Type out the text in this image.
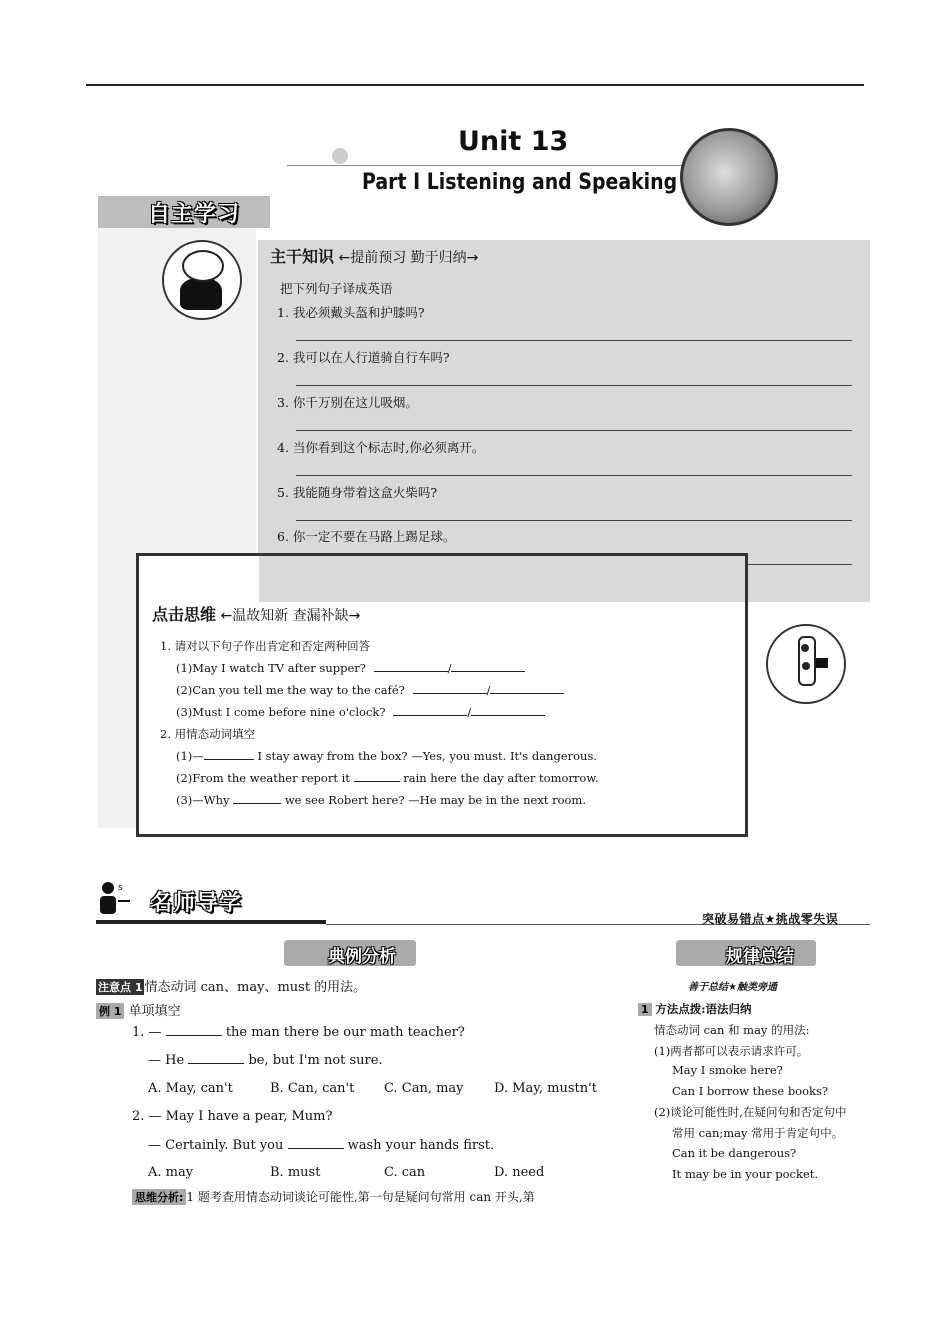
Unit 13
Part Ⅰ Listening and Speaking
自主学习
主干知识 ←提前预习 勤于归纳→
把下列句子译成英语
1. 我必须戴头盔和护膝吗?
2. 我可以在人行道骑自行车吗?
3. 你千万别在这儿吸烟。
4. 当你看到这个标志时,你必须离开。
5. 我能随身带着这盒火柴吗?
6. 你一定不要在马路上踢足球。
点击思维 ←温故知新 查漏补缺→
1. 请对以下句子作出肯定和否定两种回答
(1)May I watch TV after supper?	/
(2)Can you tell me the way to the café?	/
(3)Must I come before nine o'clock?	/
2. 用情态动词填空
(1)—	I stay away from the box? —Yes, you must. It's dangerous.
(2)From the weather report it	rain here the day after tomorrow.
(3)—Why	we see Robert here? —He may be in the next room.
s
名师导学
突破易错点★挑战零失误
典例分析	规律总结
善于总结★触类旁通
注意点 1 情态动词 can、may、must 的用法。
例 1 单项填空
1. —	the man there be our math teacher?
— He	be, but I'm not sure.
A. May, can't	B. Can, can't C. Can, may D. May, mustn't
2. — May I have a pear, Mum?
— Certainly. But you	wash your hands first.
A. may	B. must	C. can	D. need
思维分析: 1 题考查用情态动词谈论可能性,第一句是疑问句常用 can 开头,第
1 方法点拨:语法归纳
情态动词 can 和 may 的用法:
(1)两者都可以表示请求许可。
May I smoke here?
Can I borrow these books?
(2)谈论可能性时,在疑问句和否定句中
常用 can;may 常用于肯定句中。
Can it be dangerous?
It may be in your pocket.
